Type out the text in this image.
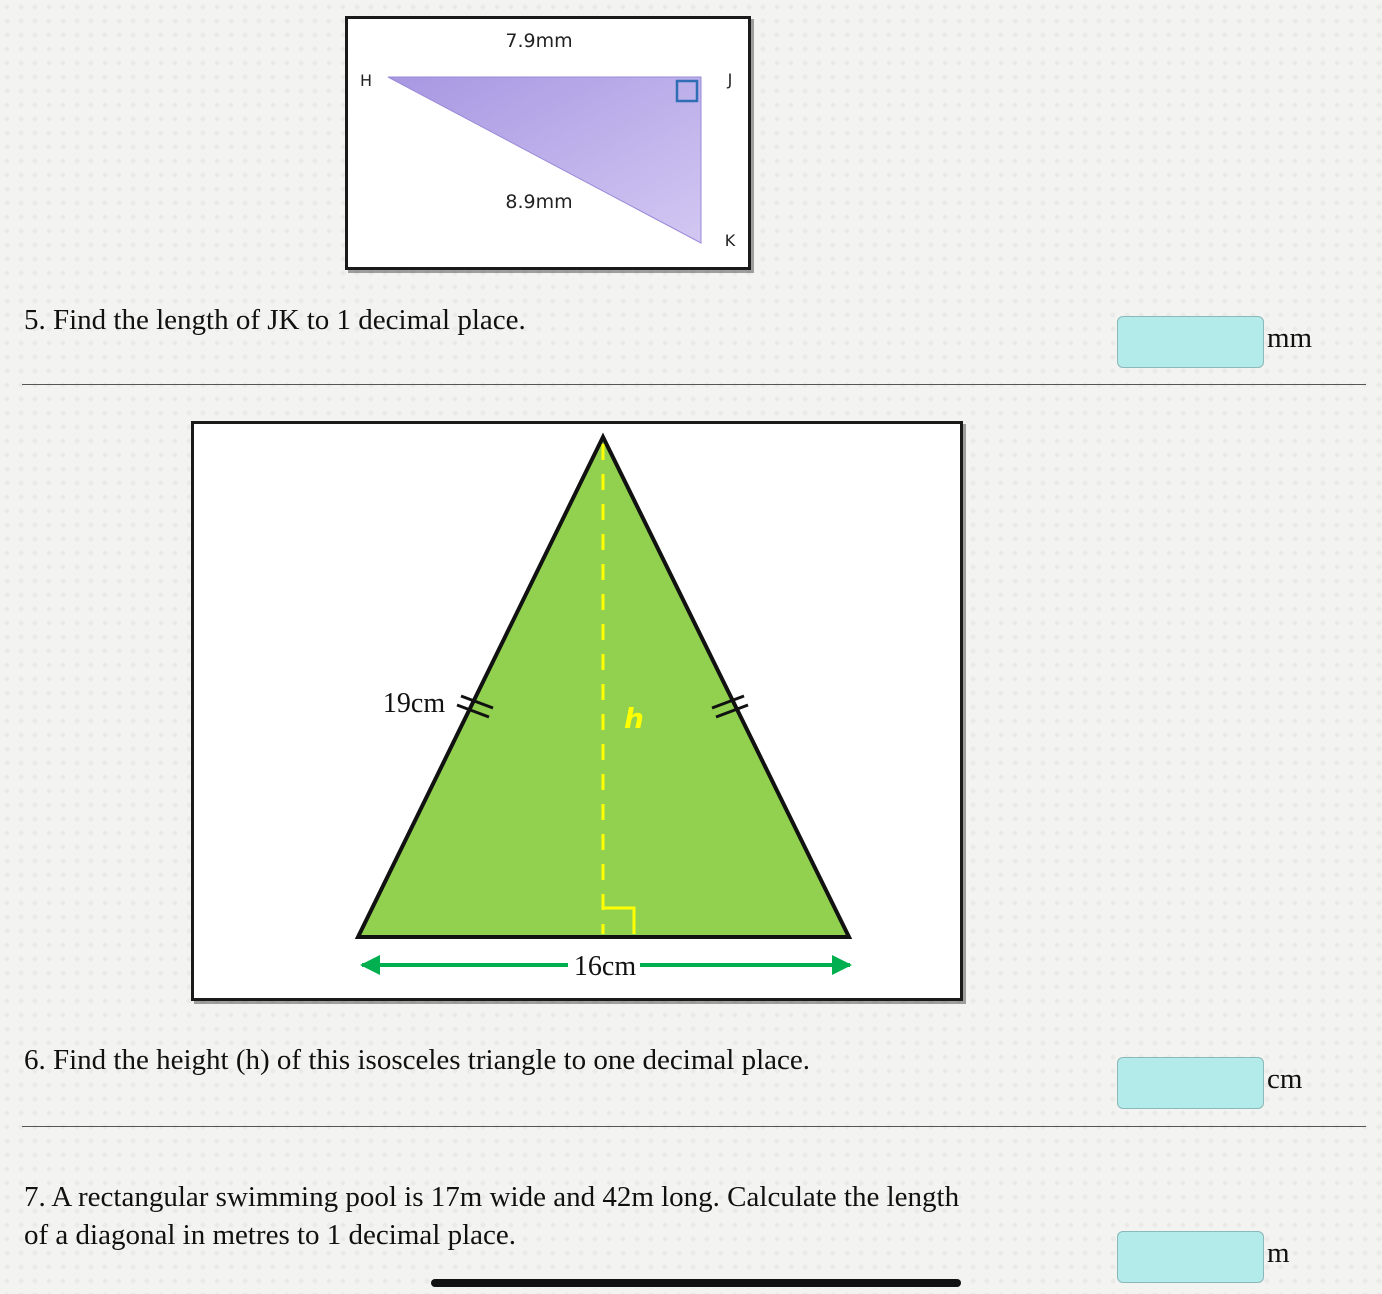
7.9mm
8.9mm
H	J
K

5. Find the length of JK to 1 decimal place.

mm
19cm	h
16cm

6. Find the height (h) of this isosceles triangle to one decimal place.

cm

7. A rectangular swimming pool is 17m wide and 42m long. Calculate the length

of a diagonal in metres to 1 decimal place.

m
